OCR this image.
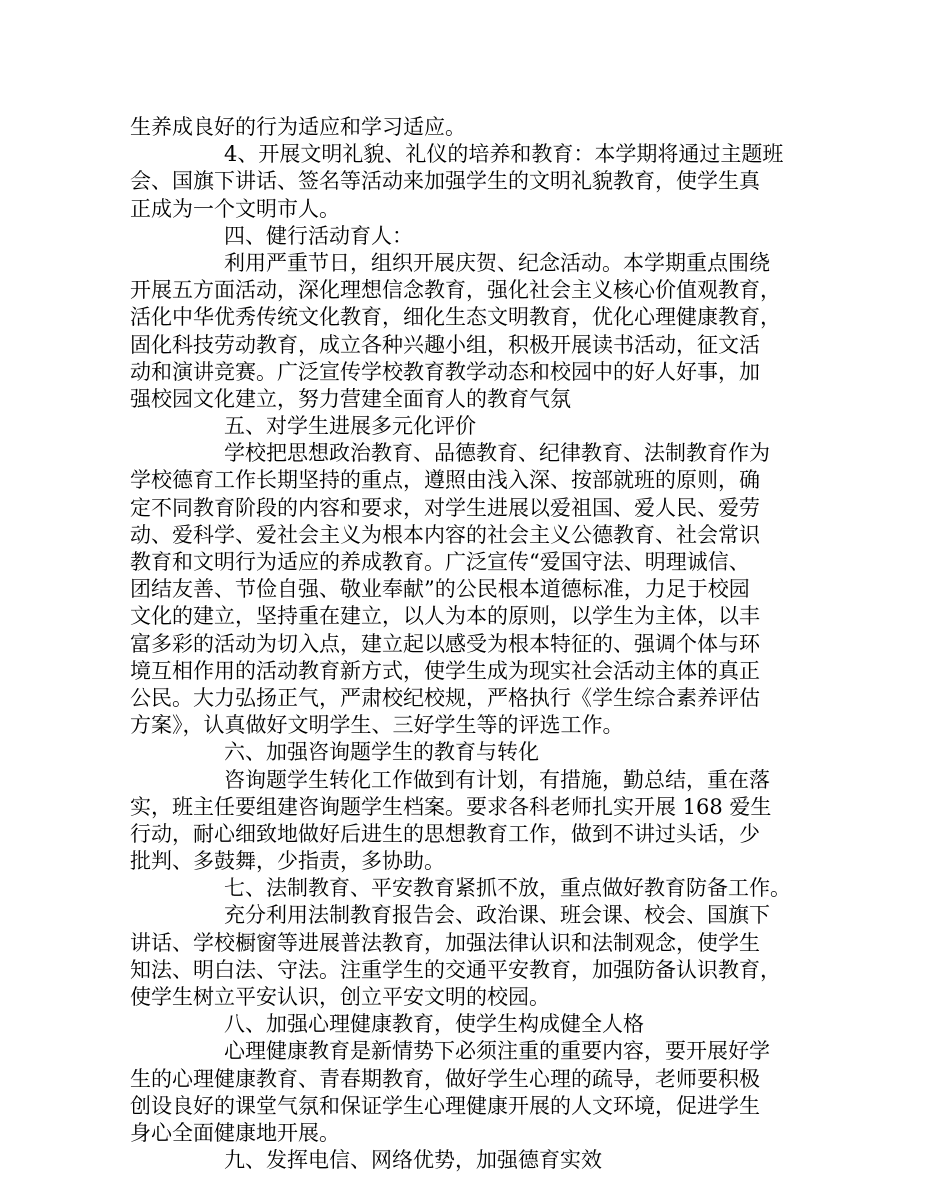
生养成良好的行为适应和学习适应。
4、开展文明礼貌、礼仪的培养和教育：本学期将通过主题班
会、国旗下讲话、签名等活动来加强学生的文明礼貌教育，使学生真
正成为一个文明市人。
四、健行活动育人：
利用严重节日，组织开展庆贺、纪念活动。本学期重点围绕
开展五方面活动，深化理想信念教育，强化社会主义核心价值观教育，
活化中华优秀传统文化教育，细化生态文明教育，优化心理健康教育，
固化科技劳动教育，成立各种兴趣小组，积极开展读书活动，征文活
动和演讲竞赛。广泛宣传学校教育教学动态和校园中的好人好事，加
强校园文化建立，努力营建全面育人的教育气氛
五、对学生进展多元化评价
学校把思想政治教育、品德教育、纪律教育、法制教育作为
学校德育工作长期坚持的重点，遵照由浅入深、按部就班的原则，确
定不同教育阶段的内容和要求，对学生进展以爱祖国、爱人民、爱劳
动、爱科学、爱社会主义为根本内容的社会主义公德教育、社会常识
教育和文明行为适应的养成教育。广泛宣传“爱国守法、明理诚信、
团结友善、节俭自强、敬业奉献”的公民根本道德标准，力足于校园
文化的建立，坚持重在建立，以人为本的原则，以学生为主体，以丰
富多彩的活动为切入点，建立起以感受为根本特征的、强调个体与环
境互相作用的活动教育新方式，使学生成为现实社会活动主体的真正
公民。大力弘扬正气，严肃校纪校规，严格执行《学生综合素养评估
方案》，认真做好文明学生、三好学生等的评选工作。
六、加强咨询题学生的教育与转化
咨询题学生转化工作做到有计划，有措施，勤总结，重在落
实，班主任要组建咨询题学生档案。要求各科老师扎实开展 168 爱生
行动，耐心细致地做好后进生的思想教育工作，做到不讲过头话，少
批判、多鼓舞，少指责，多协助。
七、法制教育、平安教育紧抓不放，重点做好教育防备工作。
充分利用法制教育报告会、政治课、班会课、校会、国旗下
讲话、学校橱窗等进展普法教育，加强法律认识和法制观念，使学生
知法、明白法、守法。注重学生的交通平安教育，加强防备认识教育，
使学生树立平安认识，创立平安文明的校园。
八、加强心理健康教育，使学生构成健全人格
心理健康教育是新情势下必须注重的重要内容，要开展好学
生的心理健康教育、青春期教育，做好学生心理的疏导，老师要积极
创设良好的课堂气氛和保证学生心理健康开展的人文环境，促进学生
身心全面健康地开展。
九、发挥电信、网络优势，加强德育实效
